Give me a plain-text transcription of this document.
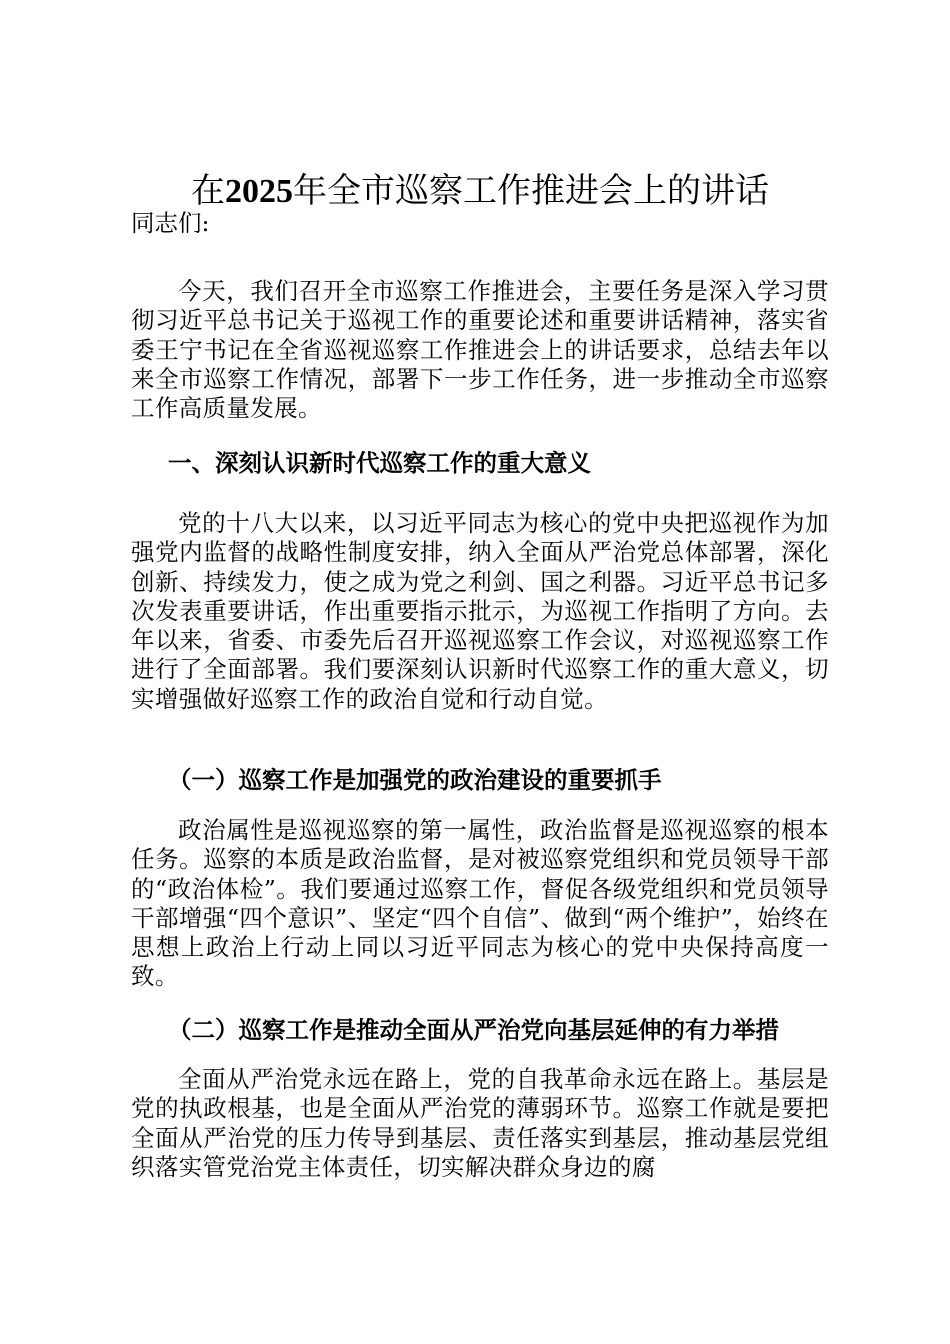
在2025年全市巡察工作推进会上的讲话
同志们:

今天，我们召开全市巡察工作推进会，主要任务是深入学习贯彻习近平总书记关于巡视工作的重要论述和重要讲话精神，落实省委王宁书记在全省巡视巡察工作推进会上的讲话要求，总结去年以来全市巡察工作情况，部署下一步工作任务，进一步推动全市巡察工作高质量发展。

一、深刻认识新时代巡察工作的重大意义

党的十八大以来，以习近平同志为核心的党中央把巡视作为加强党内监督的战略性制度安排，纳入全面从严治党总体部署，深化创新、持续发力，使之成为党之利剑、国之利器。习近平总书记多次发表重要讲话，作出重要指示批示，为巡视工作指明了方向。去年以来，省委、市委先后召开巡视巡察工作会议，对巡视巡察工作进行了全面部署。我们要深刻认识新时代巡察工作的重大意义，切实增强做好巡察工作的政治自觉和行动自觉。

（一）巡察工作是加强党的政治建设的重要抓手

政治属性是巡视巡察的第一属性，政治监督是巡视巡察的根本任务。巡察的本质是政治监督，是对被巡察党组织和党员领导干部的“政治体检”。我们要通过巡察工作，督促各级党组织和党员领导干部增强“四个意识”、坚定“四个自信”、做到“两个维护”，始终在思想上政治上行动上同以习近平同志为核心的党中央保持高度一致。

（二）巡察工作是推动全面从严治党向基层延伸的有力举措

全面从严治党永远在路上，党的自我革命永远在路上。基层是党的执政根基，也是全面从严治党的薄弱环节。巡察工作就是要把全面从严治党的压力传导到基层、责任落实到基层，推动基层党组织落实管党治党主体责任，切实解决群众身边的腐
